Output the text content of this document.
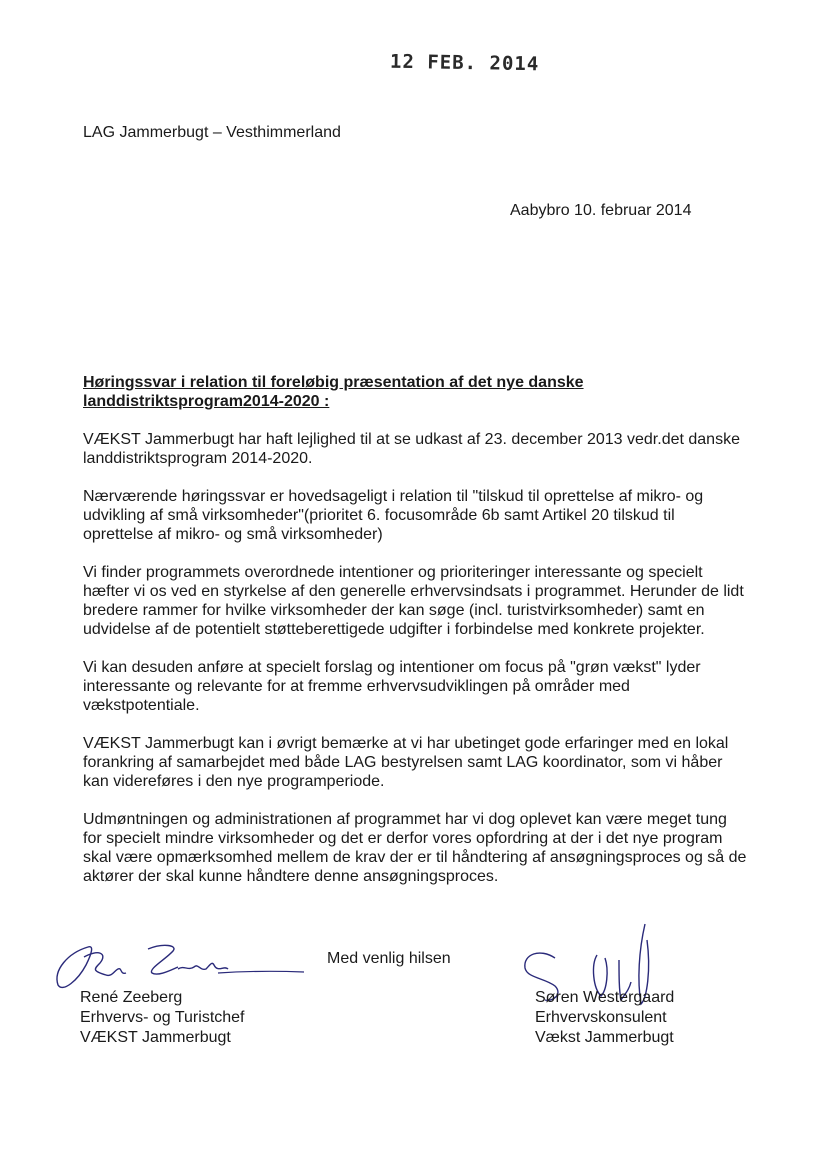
12 FEB. 2014
LAG Jammerbugt – Vesthimmerland
Aabybro 10. februar 2014
Høringssvar i relation til foreløbig præsentation af det nye danske
landdistriktsprogram2014-2020 :

VÆKST Jammerbugt har haft lejlighed til at se udkast af 23. december 2013 vedr.det danske landdistriktsprogram 2014-2020.

Nærværende høringssvar er hovedsageligt i relation til "tilskud til oprettelse af mikro- og udvikling af små virksomheder"(prioritet 6. focusområde 6b samt Artikel 20 tilskud til oprettelse af mikro- og små virksomheder)

Vi finder programmets overordnede intentioner og prioriteringer interessante og specielt hæfter vi os ved en styrkelse af den generelle erhvervsindsats i programmet. Herunder de lidt bredere rammer for hvilke virksomheder der kan søge (incl. turistvirksomheder) samt en udvidelse af de potentielt støtteberettigede udgifter i forbindelse med konkrete projekter.

Vi kan desuden anføre at specielt forslag og intentioner om focus på "grøn vækst" lyder interessante og relevante for at fremme erhvervsudviklingen på områder med vækstpotentiale.

VÆKST Jammerbugt kan i øvrigt bemærke at vi har ubetinget gode erfaringer med en lokal forankring af samarbejdet med både LAG bestyrelsen samt LAG koordinator, som vi håber kan videreføres i den nye programperiode.

Udmøntningen og administrationen af programmet har vi dog oplevet kan være meget tung for specielt mindre virksomheder og det er derfor vores opfordring at der i det nye program skal være opmærksomhed mellem de krav der er til håndtering af ansøgningsproces og så de aktører der skal kunne håndtere denne ansøgningsproces.

Med venlig hilsen
René Zeeberg
Erhvervs- og Turistchef
VÆKST Jammerbugt
Søren Westergaard
Erhvervskonsulent
Vækst Jammerbugt
